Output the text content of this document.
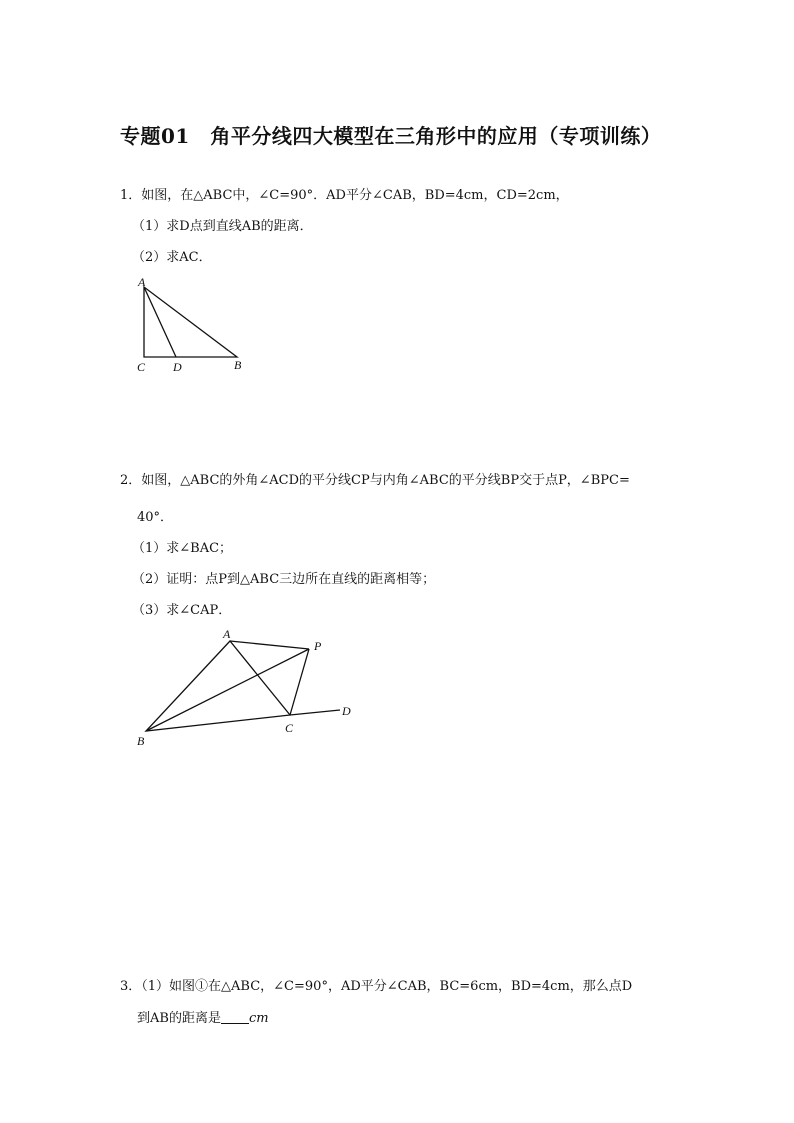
专题01　角平分线四大模型在三角形中的应用（专项训练）
1．如图，在△ABC中，∠C=90°．AD平分∠CAB，BD=4cm，CD=2cm，
（1）求D点到直线AB的距离．
（2）求AC．
A
C D	B
2．如图，△ABC的外角∠ACD的平分线CP与内角∠ABC的平分线BP交于点P，∠BPC=
40°．
（1）求∠BAC；
（2）证明：点P到△ABC三边所在直线的距离相等；
（3）求∠CAP．
A
P
D
B
C
3．（1）如图①在△ABC，∠C=90°，AD平分∠CAB，BC=6cm，BD=4cm，那么点D
到AB的距离是 cm
